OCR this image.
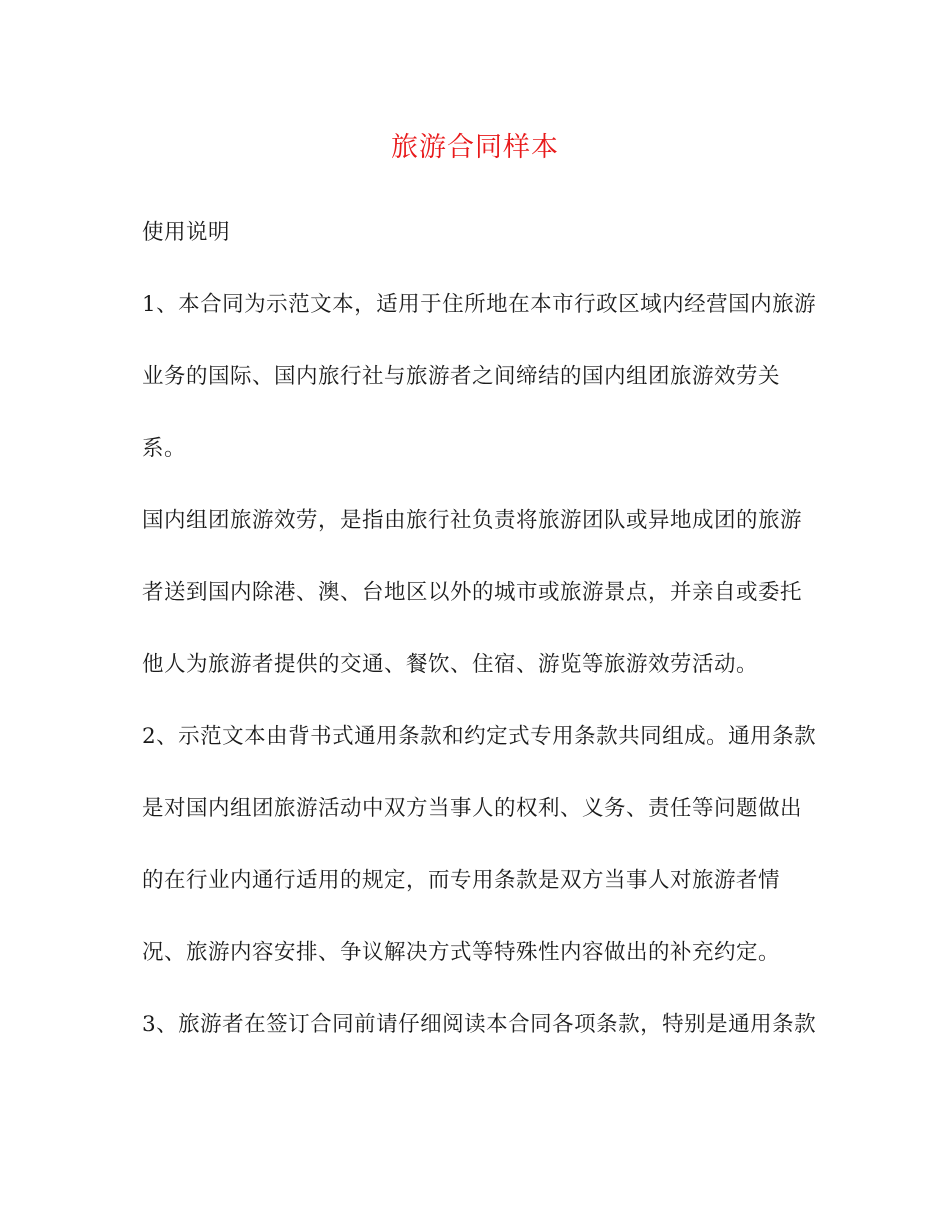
旅游合同样本
使用说明
1、本合同为示范文本，适用于住所地在本市行政区域内经营国内旅游
业务的国际、国内旅行社与旅游者之间缔结的国内组团旅游效劳关
系。
国内组团旅游效劳，是指由旅行社负责将旅游团队或异地成团的旅游
者送到国内除港、澳、台地区以外的城市或旅游景点，并亲自或委托
他人为旅游者提供的交通、餐饮、住宿、游览等旅游效劳活动。
2、示范文本由背书式通用条款和约定式专用条款共同组成。通用条款
是对国内组团旅游活动中双方当事人的权利、义务、责任等问题做出
的在行业内通行适用的规定，而专用条款是双方当事人对旅游者情
况、旅游内容安排、争议解决方式等特殊性内容做出的补充约定。
3、旅游者在签订合同前请仔细阅读本合同各项条款，特别是通用条款
